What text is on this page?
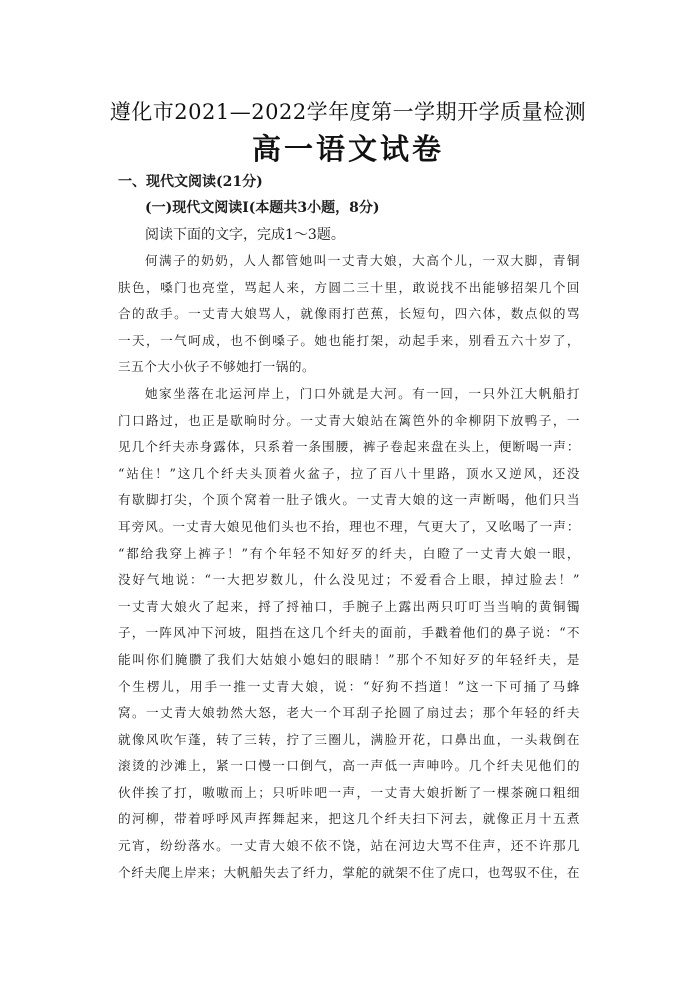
遵化市2021—2022学年度第一学期开学质量检测
高一语文试卷
一、现代文阅读(21分)
(一)现代文阅读Ⅰ(本题共3小题，8分)
阅读下面的文字，完成1～3题。
何满子的奶奶，人人都管她叫一丈青大娘，大高个儿，一双大脚，青铜
肤色，嗓门也亮堂，骂起人来，方圆二三十里，敢说找不出能够招架几个回
合的敌手。一丈青大娘骂人，就像雨打芭蕉，长短句，四六体，数点似的骂
一天，一气呵成，也不倒嗓子。她也能打架，动起手来，别看五六十岁了，
三五个大小伙子不够她打一锅的。
她家坐落在北运河岸上，门口外就是大河。有一回，一只外江大帆船打
门口路过，也正是歇晌时分。一丈青大娘站在篱笆外的伞柳阴下放鸭子，一
见几个纤夫赤身露体，只系着一条围腰，裤子卷起来盘在头上，便断喝一声：
“站住！”这几个纤夫头顶着火盆子，拉了百八十里路，顶水又逆风，还没
有歇脚打尖，个顶个窝着一肚子饿火。一丈青大娘的这一声断喝，他们只当
耳旁风。一丈青大娘见他们头也不抬，理也不理，气更大了，又吆喝了一声：
“都给我穿上裤子！”有个年轻不知好歹的纤夫，白瞪了一丈青大娘一眼，
没好气地说：“一大把岁数儿，什么没见过；不爱看合上眼，掉过脸去！”
一丈青大娘火了起来，捋了捋袖口，手腕子上露出两只叮叮当当响的黄铜镯
子，一阵风冲下河坡，阻挡在这几个纤夫的面前，手戳着他们的鼻子说：“不
能叫你们腌臜了我们大姑娘小媳妇的眼睛！”那个不知好歹的年轻纤夫，是
个生楞儿，用手一推一丈青大娘，说：“好狗不挡道！”这一下可捅了马蜂
窝。一丈青大娘勃然大怒，老大一个耳刮子抡圆了扇过去；那个年轻的纤夫
就像风吹乍蓬，转了三转，拧了三圈儿，满脸开花，口鼻出血，一头栽倒在
滚烫的沙滩上，紧一口慢一口倒气，高一声低一声呻吟。几个纤夫见他们的
伙伴挨了打，嗷嗷而上；只听咔吧一声，一丈青大娘折断了一棵茶碗口粗细
的河柳，带着呼呼风声挥舞起来，把这几个纤夫扫下河去，就像正月十五煮
元宵，纷纷落水。一丈青大娘不依不饶，站在河边大骂不住声，还不许那几
个纤夫爬上岸来；大帆船失去了纤力，掌舵的就架不住了虎口，也驾驭不住，在
